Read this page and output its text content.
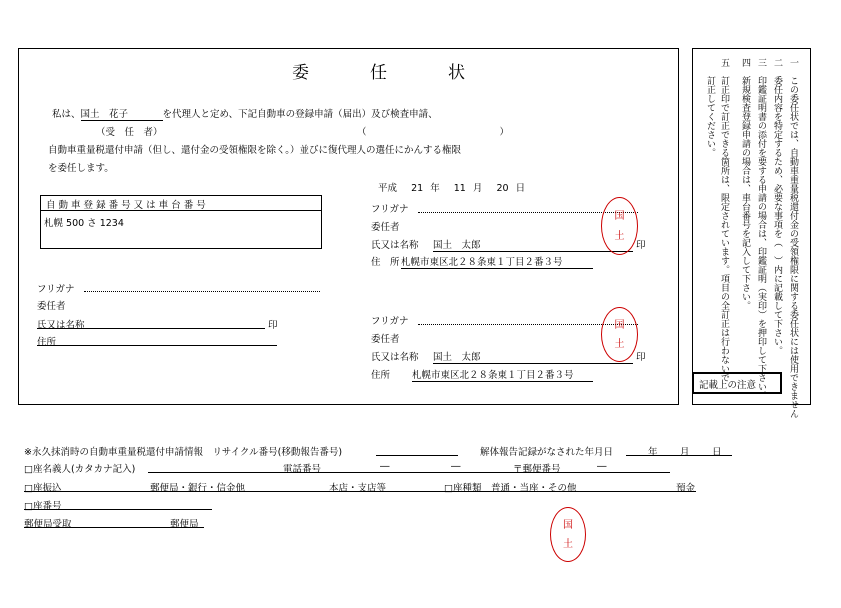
委　任　状
私は、国土　花子	を代理人と定め、下記自動車の登録申請（届出）及び検査申請、
（受　任　者）	（　　　　　　　　　　　　　　）
自動車重量税還付申請（但し、還付金の受領権限を除く。）並びに復代理人の選任にかんする権限
を委任します。
平成 21 年 11 月 20 日
自 動 車 登 録 番 号 又 は 車 台 番 号
札幌 500 さ 1234
フリガナ
委任者
氏又は名称 国土　太郎	印
住　所 札幌市東区北２８条東１丁目２番３号
国
土
フリガナ
委任者
氏又は名称	印
住所
フリガナ
委任者
氏又は名称 国土　太郎	印
住所 札幌市東区北２８条東１丁目２番３号
国
土	一　この委任状では、自動車重量税還付金の受領権限に関する委任状には使用できません
二　委任内容を特定するため、必要な事項を（　）内に記載して下さい。
三　印鑑証明書の添付を要する申請の場合は、印鑑証明（実印）を押印して下さい。
四　新規検査登録申請の場合は、車台番号を記入して下さい。
五　訂正印で訂正できる箇所は、限定されています。項目の全訂正は行わないで
　　訂正してください。
記載上の注意
※永久抹消時の自動車重量税還付申請情報　リサイクル番号(移動報告番号)	解体報告記録がなされた年月日	年 月 日
□座名義人(カタカナ記入)	電話番号	―	―	〒郵便番号	―
□座振込	郵便局・銀行・信金他	本店・支店等	□座種類　普通・当座・その他	預金
□座番号
郵便局受取	郵便局	国
土
